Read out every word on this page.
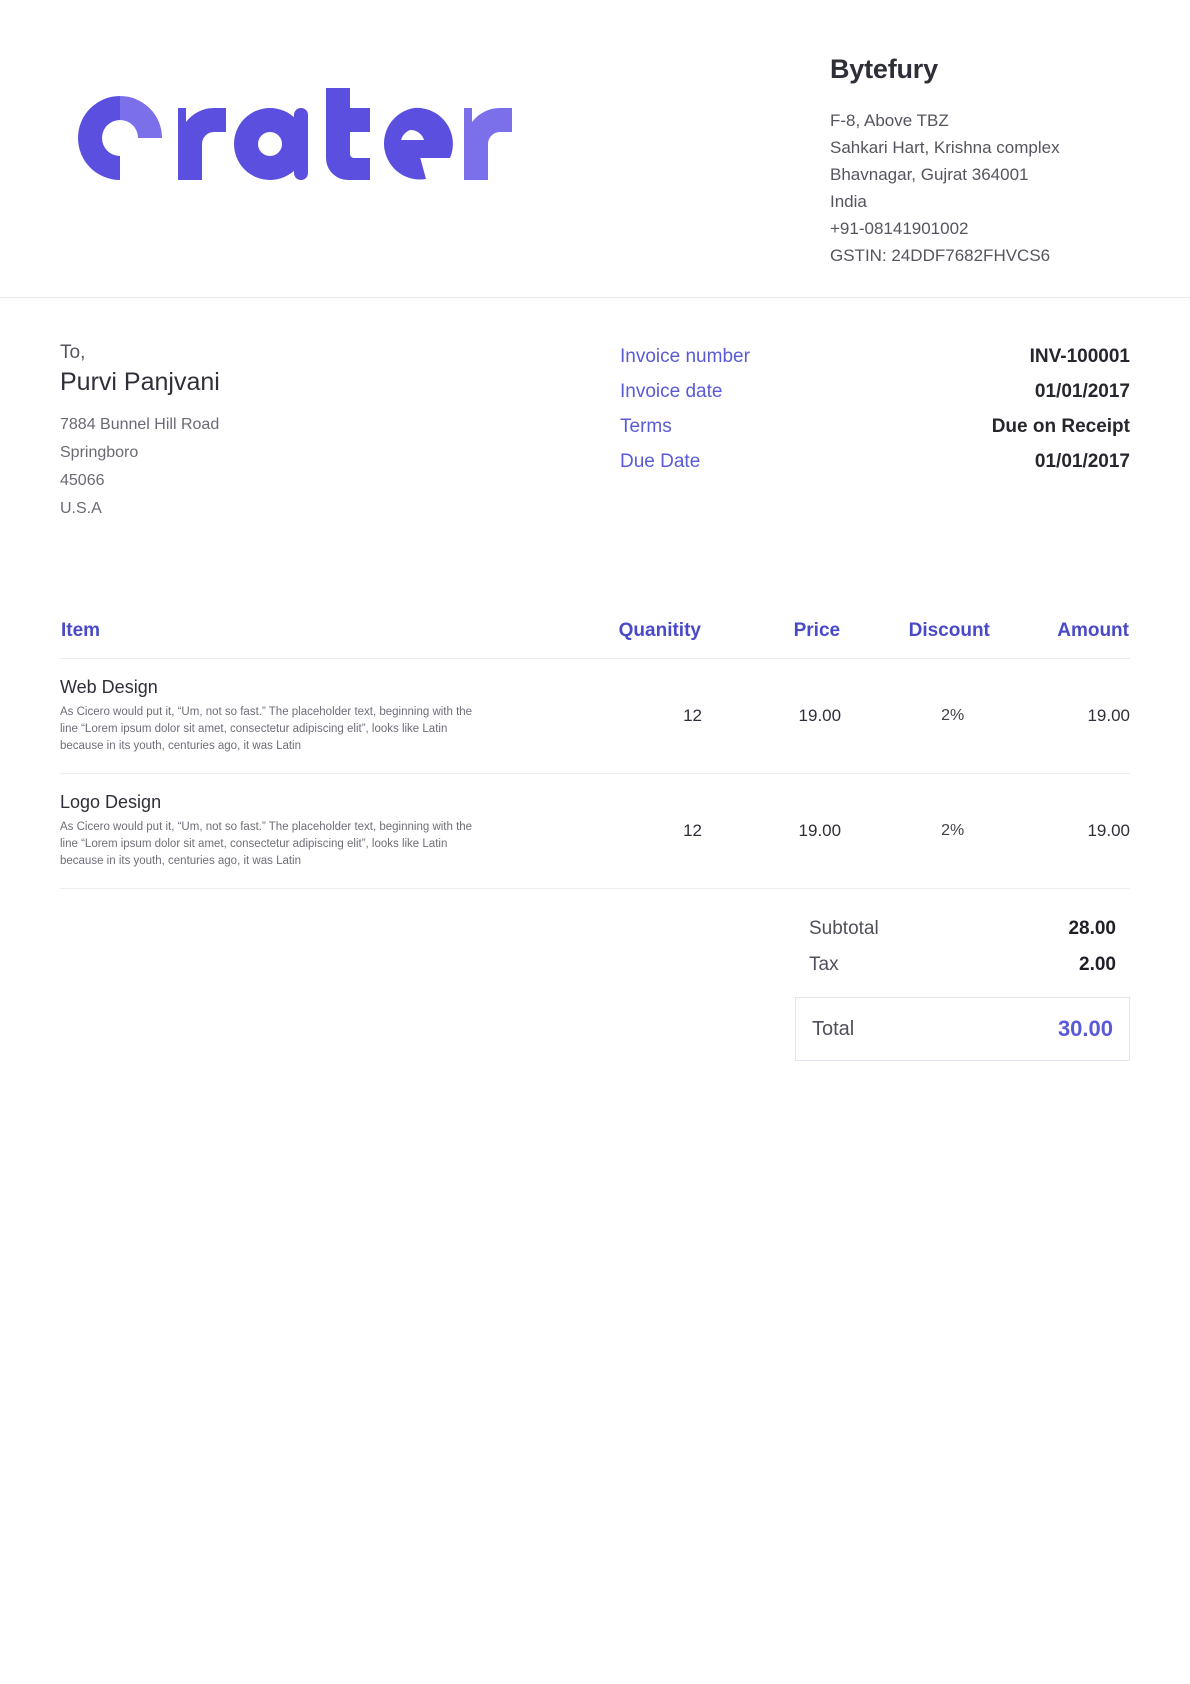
Bytefury
F-8, Above TBZ
Sahkari Hart, Krishna complex
Bhavnagar, Gujrat 364001
India
+91-08141901002
GSTIN: 24DDF7682FHVCS6
To,
Purvi Panjvani
7884 Bunnel Hill Road
Springboro
45066
U.S.A
Invoice number	INV-100001
Invoice date	01/01/2017
Terms	Due on Receipt
Due Date	01/01/2017
Item	Quanitity	Price	Discount	Amount

Web Design
As Cicero would put it, “Um, not so fast.” The placeholder text, beginning with the line “Lorem ipsum dolor sit amet, consectetur adipiscing elit”, looks like Latin because in its youth, centuries ago, it was Latin	12	19.00	2%	19.00

Logo Design
As Cicero would put it, “Um, not so fast.” The placeholder text, beginning with the line “Lorem ipsum dolor sit amet, consectetur adipiscing elit”, looks like Latin because in its youth, centuries ago, it was Latin	12	19.00	2%	19.00
Subtotal	28.00
Tax	2.00
Total	30.00
